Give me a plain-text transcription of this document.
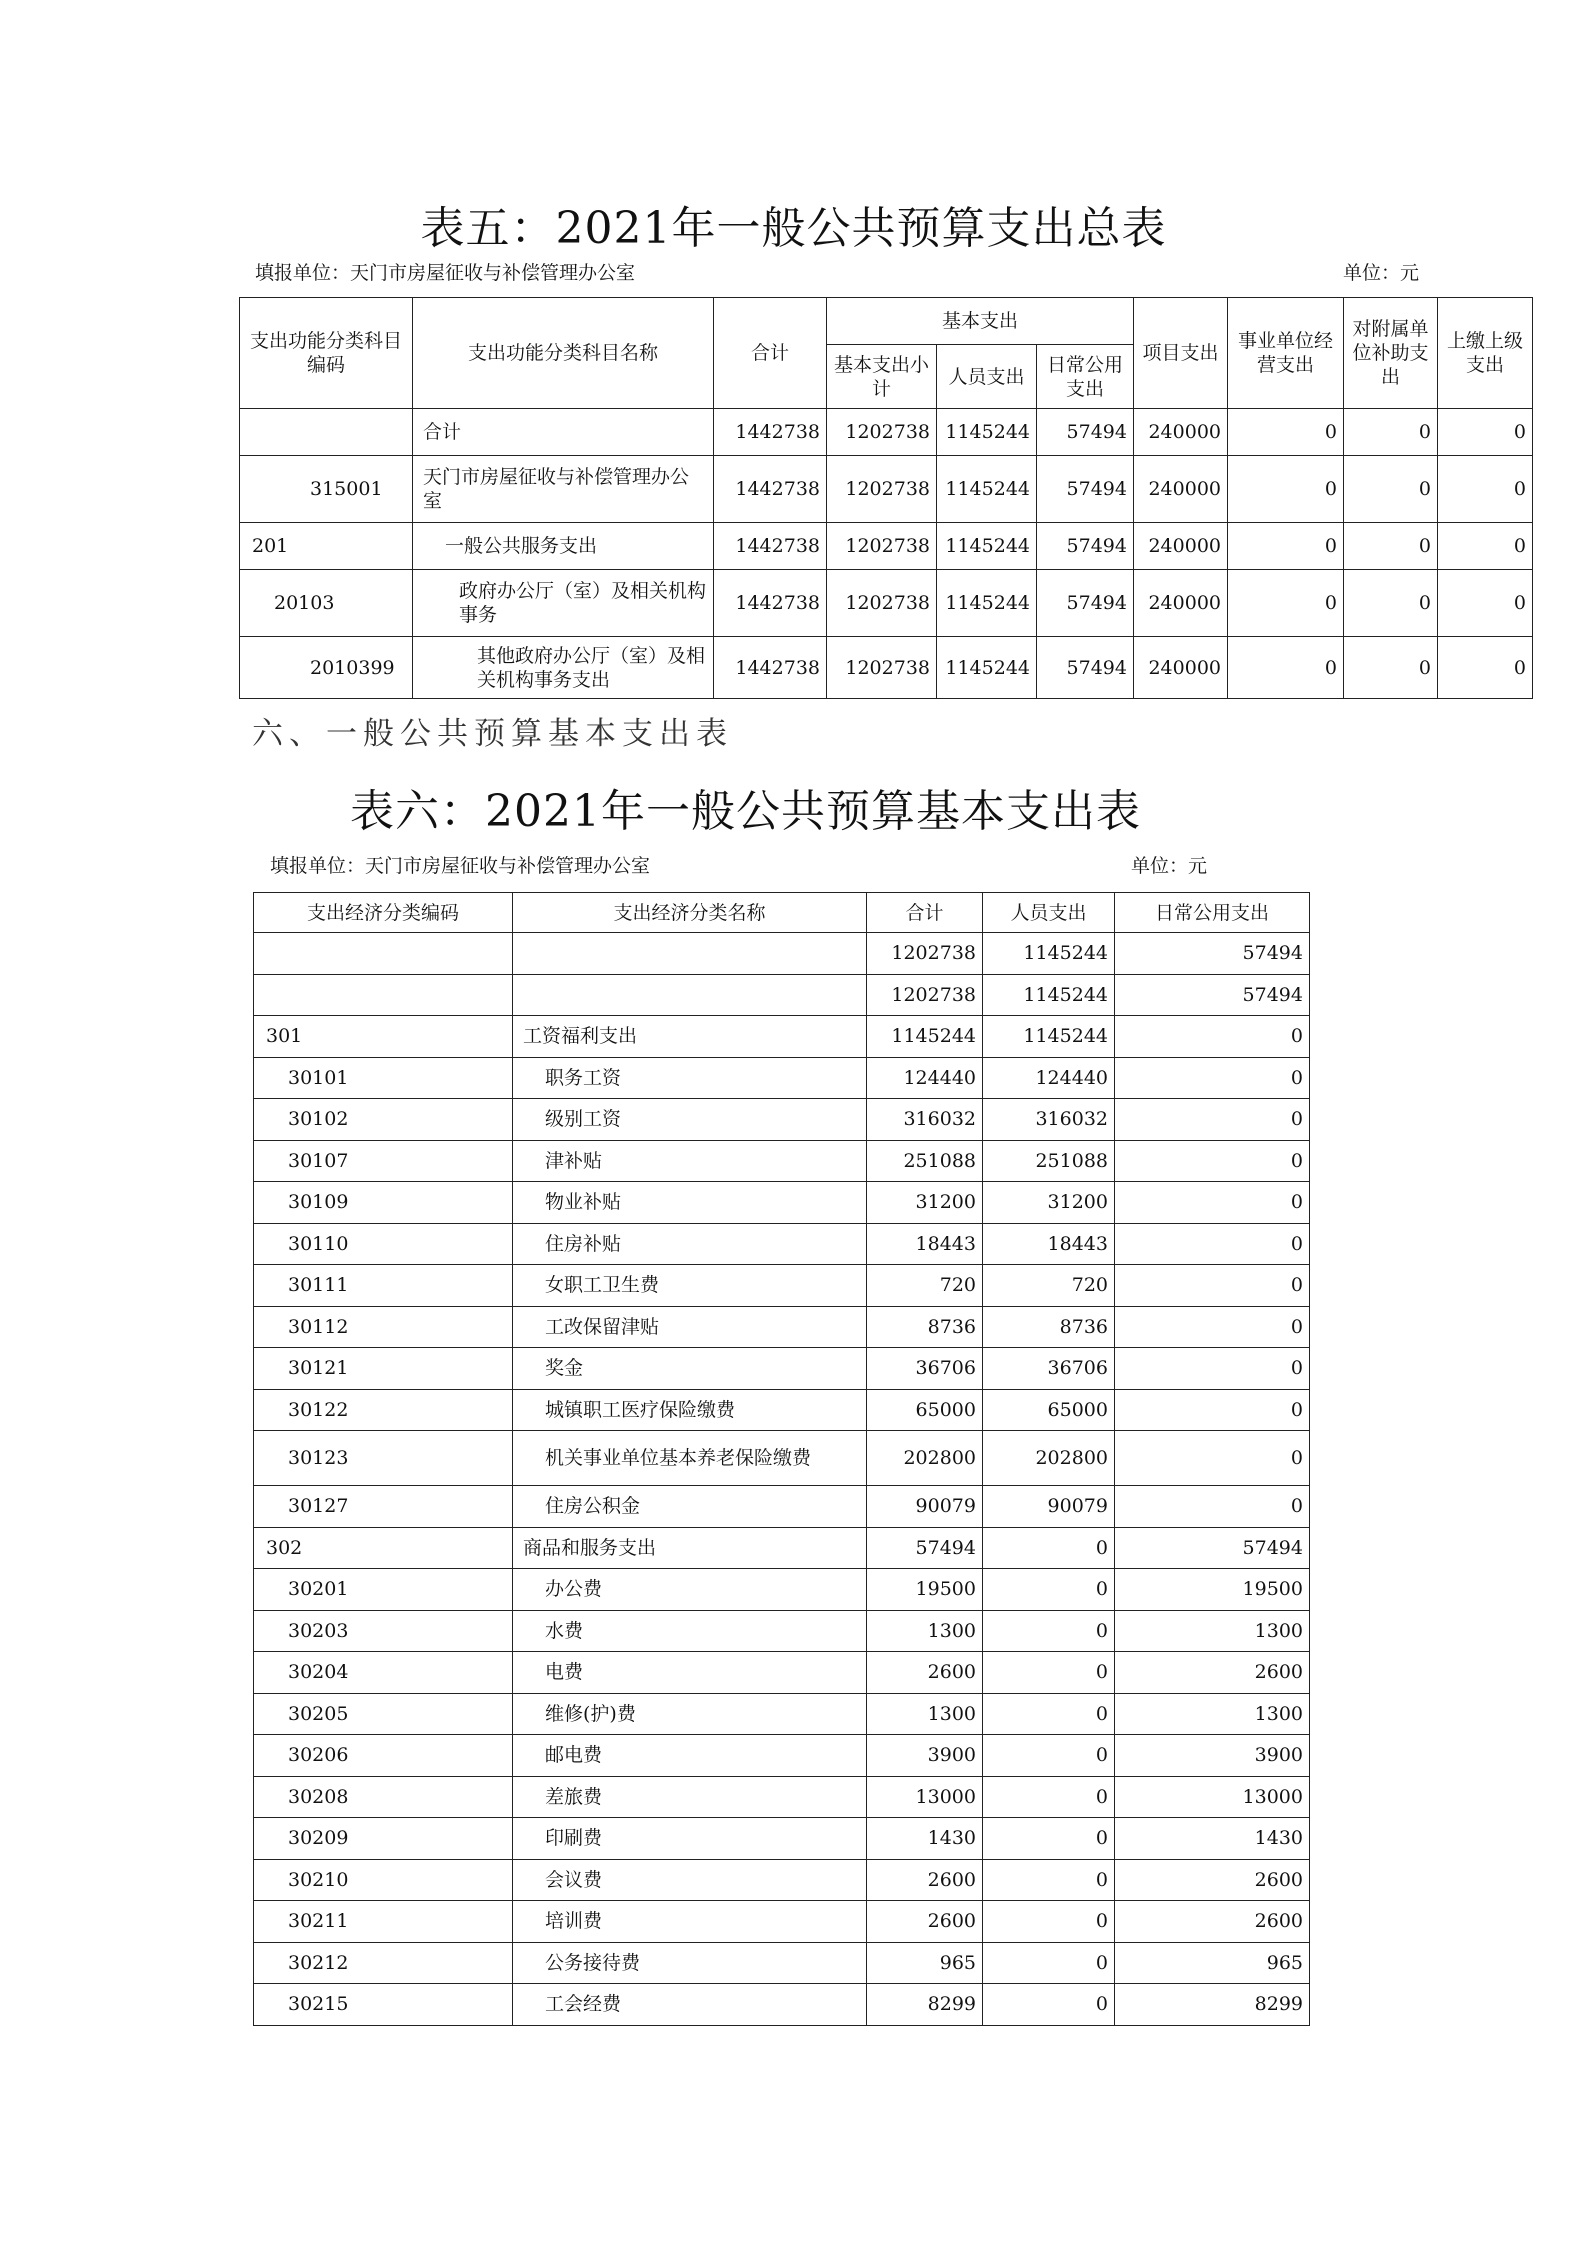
表五：2021年一般公共预算支出总表
填报单位：天门市房屋征收与补偿管理办公室	单位：元
支出功能分类科目编码	支出功能分类科目名称	合计	基本支出			项目支出	事业单位经营支出	对附属单位补助支出	上缴上级支出
			基本支出小计	人员支出	日常公用支出				
	合计	1442738	1202738	1145244	57494	240000	0	0	0
315001	天门市房屋征收与补偿管理办公室	1442738	1202738	1145244	57494	240000	0	0	0
201	一般公共服务支出	1442738	1202738	1145244	57494	240000	0	0	0
20103	政府办公厅（室）及相关机构事务	1442738	1202738	1145244	57494	240000	0	0	0
2010399	其他政府办公厅（室）及相关机构事务支出	1442738	1202738	1145244	57494	240000	0	0	0
六、一般公共预算基本支出表
表六：2021年一般公共预算基本支出表
填报单位：天门市房屋征收与补偿管理办公室	单位：元
支出经济分类编码	支出经济分类名称	合计	人员支出	日常公用支出
		1202738	1145244	57494
		1202738	1145244	57494
301	工资福利支出	1145244	1145244	0
30101	职务工资	124440	124440	0
30102	级别工资	316032	316032	0
30107	津补贴	251088	251088	0
30109	物业补贴	31200	31200	0
30110	住房补贴	18443	18443	0
30111	女职工卫生费	720	720	0
30112	工改保留津贴	8736	8736	0
30121	奖金	36706	36706	0
30122	城镇职工医疗保险缴费	65000	65000	0
30123	机关事业单位基本养老保险缴费	202800	202800	0
30127	住房公积金	90079	90079	0
302	商品和服务支出	57494	0	57494
30201	办公费	19500	0	19500
30203	水费	1300	0	1300
30204	电费	2600	0	2600
30205	维修(护)费	1300	0	1300
30206	邮电费	3900	0	3900
30208	差旅费	13000	0	13000
30209	印刷费	1430	0	1430
30210	会议费	2600	0	2600
30211	培训费	2600	0	2600
30212	公务接待费	965	0	965
30215	工会经费	8299	0	8299
